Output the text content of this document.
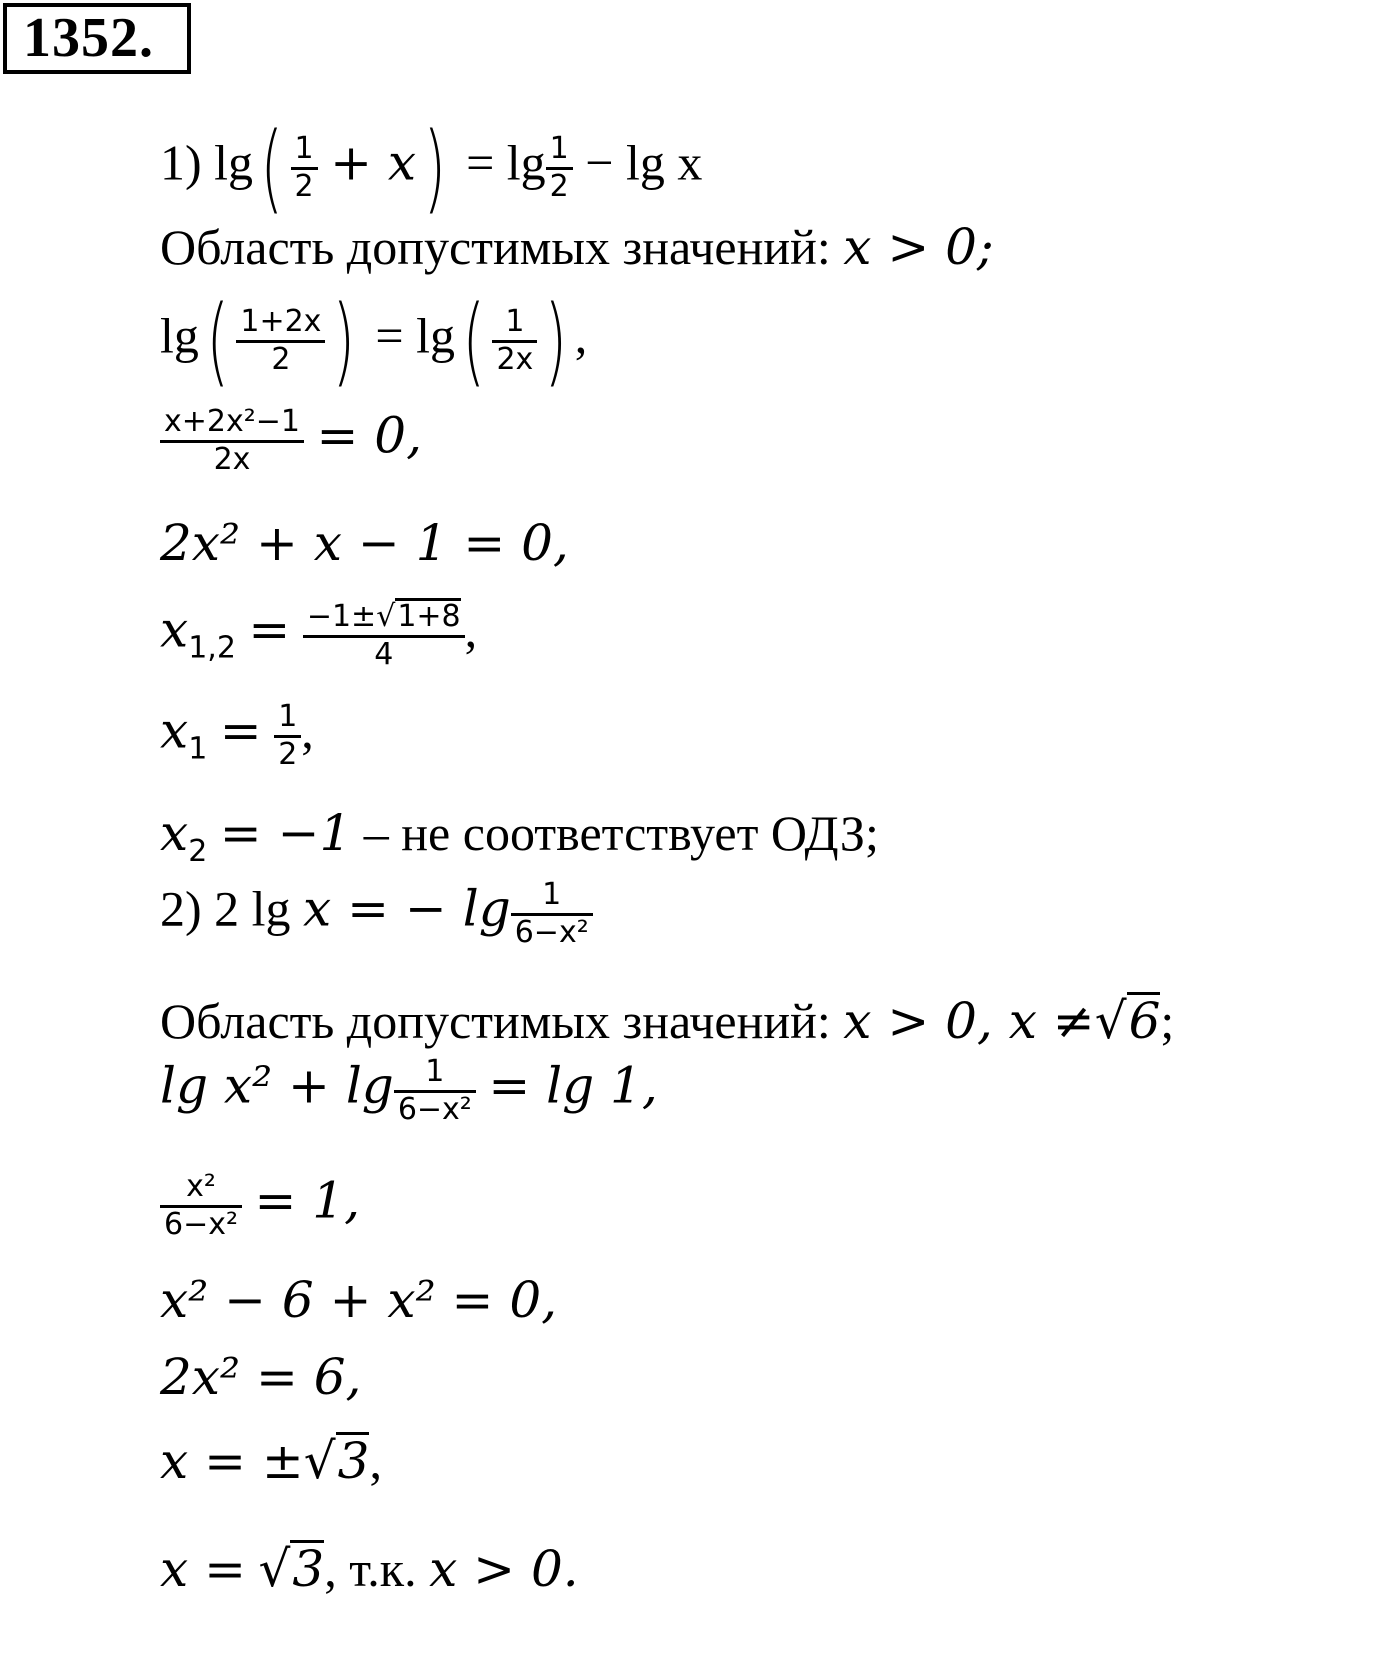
1352.
1) $\lg( \frac{1}{2} + x) = \lg \frac{1}{2} - \lg x$
Область допустимых значений: x > 0;
$\lg( \frac{1+2x}{2}$ ) = $\lg( \frac{1}{2x}$ ) ,
$\frac{\text{x+2x²−1}}{2x} = 0$,
2x² + x − 1 = 0,
$x_{1,2} = \frac{-1\pm√1+8}{4}$ ,
$x_1 = \frac{1}{2}$ ,
$x_2 = -1$ – не соответствует ОДЗ;
2) 2 lg x = − $\lg \frac{1}{\text{6−x²}}$
Область допустимых значений: x > 0, x ≠√6;
$\lg x^2 + \lg \frac{1}{\text{6−x²}} = \lg 1$,
$\frac{\text{x²}}{\text{6−x²}} = 1$,
x² − 6 + x² = 0,
2x² = 6,
x = ±√3,
x = √3, т.к. x > 0.
